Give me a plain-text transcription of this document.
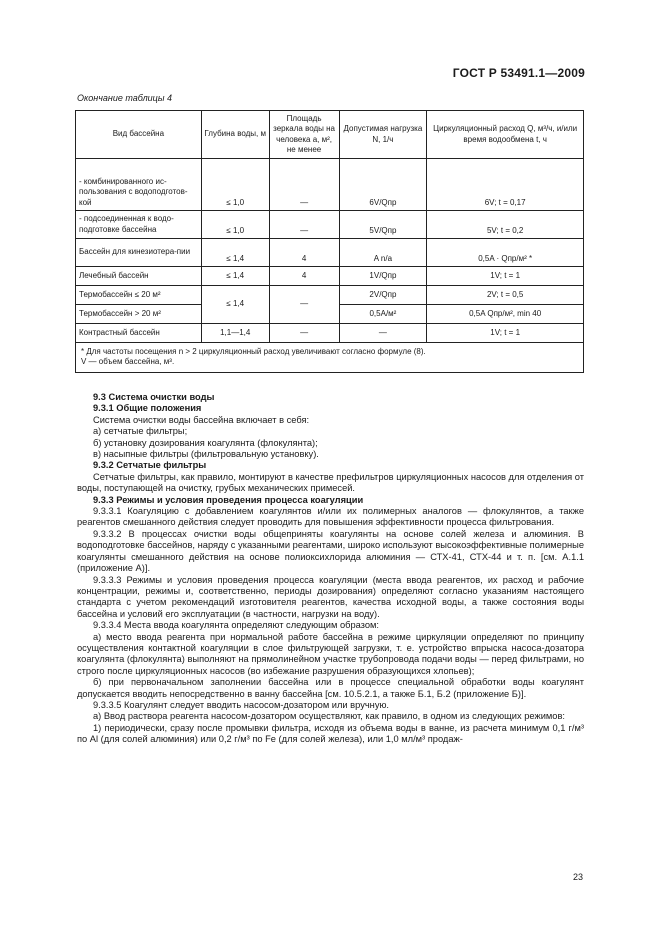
ГОСТ Р 53491.1—2009
Окончание таблицы 4
Вид бассейна	Глубина воды, м	Площадь зеркала воды на человека а, м², не менее	Допустимая нагрузка N, 1/ч	Циркуляционный расход Q, м³/ч, и/или время водообмена t, ч
- комбинированного ис-пользования с водоподготов-кой	≤ 1,0	—	6V/Qпр	6V; t = 0,17
- подсоединенная к водо-подготовке бассейна	≤ 1,0	—	5V/Qпр	5V; t = 0,2
Бассейн для кинезиотера-пии	≤ 1,4	4	A n/a	0,5A · Qпр/м² *
Лечебный бассейн	≤ 1,4	4	1V/Qпр	1V; t = 1
Термобассейн ≤ 20 м²	≤ 1,4	—	2V/Qпр	2V; t = 0,5
Термобассейн > 20 м²			0,5A/м²	0,5A Qпр/м², min 40
Контрастный бассейн	1,1—1,4	—	—	1V; t = 1

* Для частоты посещения n > 2 циркуляционный расход увеличивают согласно формуле (8).
V — объем бассейна, м³.				

9.3 Система очистки воды

9.3.1 Общие положения

Система очистки воды бассейна включает в себя:

а) сетчатые фильтры;

б) установку дозирования коагулянта (флокулянта);

в) насыпные фильтры (фильтровальную установку).

9.3.2 Сетчатые фильтры

Сетчатые фильтры, как правило, монтируют в качестве префильтров циркуляционных насосов для отделения от воды, поступающей на очистку, грубых механических примесей.

9.3.3 Режимы и условия проведения процесса коагуляции

9.3.3.1 Коагуляцию с добавлением коагулянтов и/или их полимерных аналогов — флокулянтов, а также реагентов смешанного действия следует проводить для повышения эффективности процесса фильтрования.

9.3.3.2 В процессах очистки воды общеприняты коагулянты на основе солей железа и алюминия. В водоподготовке бассейнов, наряду с указанными реагентами, широко используют высокоэффективные полимерные коагулянты смешанного действия на основе полиоксихлорида алюминия — СТХ-41, СТХ-44 и т. п. [см. А.1.1 (приложение А)].

9.3.3.3 Режимы и условия проведения процесса коагуляции (места ввода реагентов, их расход и рабочие концентрации, режимы и, соответственно, периоды дозирования) определяют согласно указаниям настоящего стандарта с учетом рекомендаций изготовителя реагентов, качества исходной воды, а также состояния воды бассейна и условий его эксплуатации (в частности, нагрузки на воду).

9.3.3.4 Места ввода коагулянта определяют следующим образом:

а) место ввода реагента при нормальной работе бассейна в режиме циркуляции определяют по принципу осуществления контактной коагуляции в слое фильтрующей загрузки, т. е. устройство впрыска насоса-дозатора коагулянта (флокулянта) выполняют на прямолинейном участке трубопровода подачи воды — перед фильтрами, но строго после циркуляционных насосов (во избежание разрушения образующихся хлопьев);

б) при первоначальном заполнении бассейна или в процессе специальной обработки воды коагулянт допускается вводить непосредственно в ванну бассейна [см. 10.5.2.1, а также Б.1, Б.2 (приложение Б)].

9.3.3.5 Коагулянт следует вводить насосом-дозатором или вручную.

а) Ввод раствора реагента насосом-дозатором осуществляют, как правило, в одном из следующих режимов:

1) периодически, сразу после промывки фильтра, исходя из объема воды в ванне, из расчета минимум 0,1 г/м³ по Al (для солей алюминия) или 0,2 г/м³ по Fe (для солей железа), или 1,0 мл/м³ продаж-

23
